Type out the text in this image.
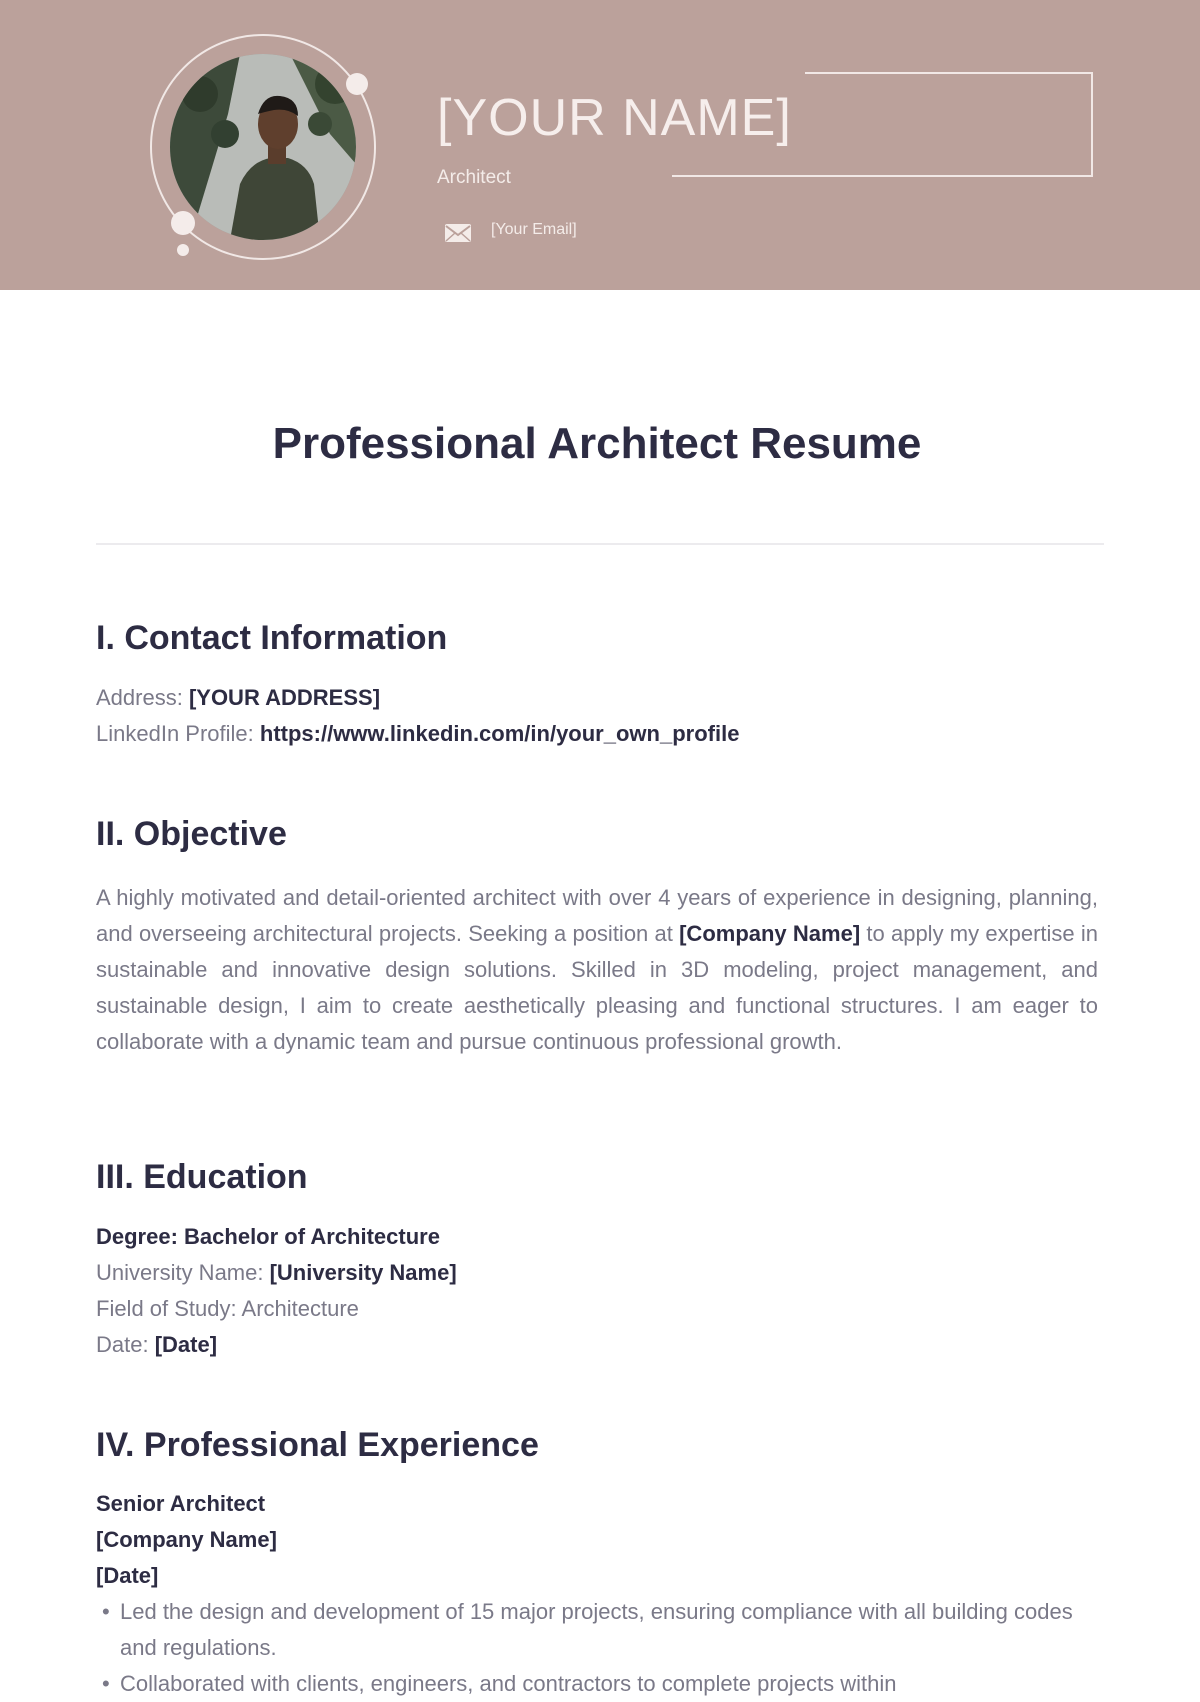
[YOUR NAME]
Architect
[Your Email]
Professional Architect Resume
I. Contact Information
Address: [YOUR ADDRESS]
LinkedIn Profile: https://www.linkedin.com/in/your_own_profile
II. Objective
A highly motivated and detail-oriented architect with over 4 years of experience in designing, planning, and overseeing architectural projects. Seeking a position at [Company Name] to apply my expertise in sustainable and innovative design solutions. Skilled in 3D modeling, project management, and sustainable design, I aim to create aesthetically pleasing and functional structures. I am eager to collaborate with a dynamic team and pursue continuous professional growth.
III. Education
Degree: Bachelor of Architecture
University Name: [University Name]
Field of Study: Architecture
Date: [Date]
IV. Professional Experience
Senior Architect
[Company Name]
[Date]
• Led the design and development of 15 major projects, ensuring compliance with all building codes and regulations.
• Collaborated with clients, engineers, and contractors to complete projects within
